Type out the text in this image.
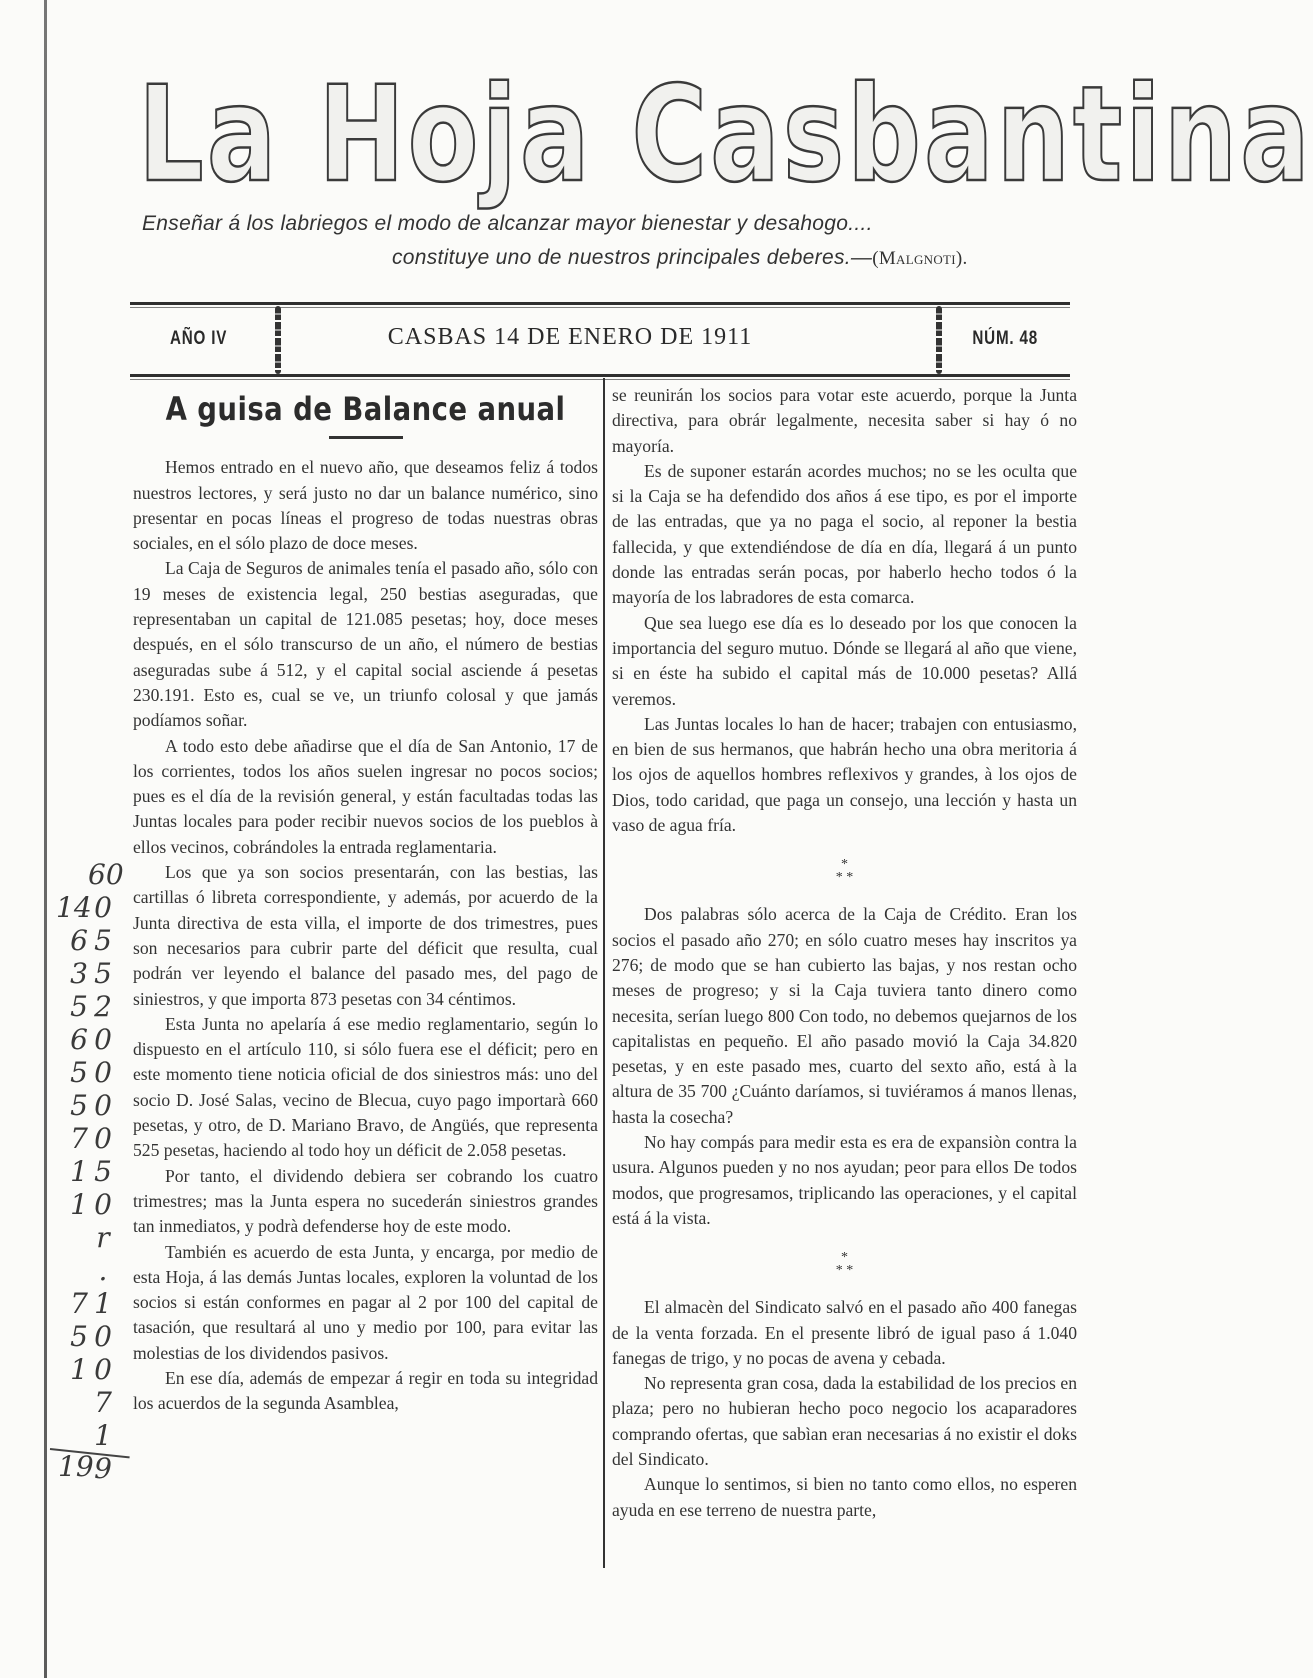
La Hoja Casbantina
Enseñar á los labriegos el modo de alcanzar mayor bienestar y desahogo....
constituye uno de nuestros principales deberes.—(Malgnoti).
AÑO IV	CASBAS 14 DE ENERO DE 1911	NÚM. 48
A guisa de Balance anual

Hemos entrado en el nuevo año, que deseamos feliz á todos nuestros lectores, y será justo no dar un balance numérico, sino presentar en pocas líneas el progreso de todas nuestras obras sociales, en el sólo plazo de doce meses.

La Caja de Seguros de animales tenía el pasado año, sólo con 19 meses de existencia legal, 250 bestias aseguradas, que representaban un capital de 121.085 pesetas; hoy, doce meses después, en el sólo transcurso de un año, el número de bestias aseguradas sube á 512, y el capital social asciende á pesetas 230.191. Esto es, cual se ve, un triunfo colosal y que jamás podíamos soñar.

A todo esto debe añadirse que el día de San Antonio, 17 de los corrientes, todos los años suelen ingresar no pocos socios; pues es el día de la revisión general, y están facultadas todas las Juntas locales para poder recibir nuevos socios de los pueblos à ellos vecinos, cobrándoles la entrada reglamentaria.

Los que ya son socios presentarán, con las bestias, las cartillas ó libreta correspondiente, y además, por acuerdo de la Junta directiva de esta villa, el importe de dos trimestres, pues son necesarios para cubrir parte del déficit que resulta, cual podrán ver leyendo el balance del pasado mes, del pago de siniestros, y que importa 873 pesetas con 34 céntimos.

Esta Junta no apelaría á ese medio reglamentario, según lo dispuesto en el artículo 110, si sólo fuera ese el déficit; pero en este momento tiene noticia oficial de dos siniestros más: uno del socio D. José Salas, vecino de Blecua, cuyo pago importarà 660 pesetas, y otro, de D. Mariano Bravo, de Angüés, que representa 525 pesetas, haciendo al todo hoy un déficit de 2.058 pesetas.

Por tanto, el dividendo debiera ser cobrando los cuatro trimestres; mas la Junta espera no sucederán siniestros grandes tan inmediatos, y podrà defenderse hoy de este modo.

También es acuerdo de esta Junta, y encarga, por medio de esta Hoja, á las demás Juntas locales, exploren la voluntad de los socios si están conformes en pagar al 2 por 100 del capital de tasación, que resultará al uno y medio por 100, para evitar las molestias de los dividendos pasivos.

En ese día, además de empezar á regir en toda su integridad los acuerdos de la segunda Asamblea,

se reunirán los socios para votar este acuerdo, porque la Junta directiva, para obrár legalmente, necesita saber si hay ó no mayoría.

Es de suponer estarán acordes muchos; no se les oculta que si la Caja se ha defendido dos años á ese tipo, es por el importe de las entradas, que ya no paga el socio, al reponer la bestia fallecida, y que extendiéndose de día en día, llegará á un punto donde las entradas serán pocas, por haberlo hecho todos ó la mayoría de los labradores de esta comarca.

Que sea luego ese día es lo deseado por los que conocen la importancia del seguro mutuo. Dónde se llegará al año que viene, si en éste ha subido el capital más de 10.000 pesetas? Allá veremos.

Las Juntas locales lo han de hacer; trabajen con entusiasmo, en bien de sus hermanos, que habrán hecho una obra meritoria á los ojos de aquellos hombres reflexivos y grandes, à los ojos de Dios, todo caridad, que paga un consejo, una lección y hasta un vaso de agua fría.

*
* *

Dos palabras sólo acerca de la Caja de Crédito. Eran los socios el pasado año 270; en sólo cuatro meses hay inscritos ya 276; de modo que se han cubierto las bajas, y nos restan ocho meses de progreso; y si la Caja tuviera tanto dinero como necesita, serían luego 800 Con todo, no debemos quejarnos de los capitalistas en pequeño. El año pasado movió la Caja 34.820 pesetas, y en este pasado mes, cuarto del sexto año, está à la altura de 35 700 ¿Cuánto daríamos, si tuviéramos á manos llenas, hasta la cosecha?

No hay compás para medir esta es era de expansiòn contra la usura. Algunos pueden y no nos ayudan; peor para ellos De todos modos, que progresamos, triplicando las operaciones, y el capital está á la vista.

*
* *

El almacèn del Sindicato salvó en el pasado año 400 fanegas de la venta forzada. En el presente libró de igual paso á 1.040 fanegas de trigo, y no pocas de avena y cebada.

No representa gran cosa, dada la estabilidad de los precios en plaza; pero no hubieran hecho poco negocio los acaparadores comprando ofertas, que sabìan eran necesarias á no existir el doks del Sindicato.

Aunque lo sentimos, si bien no tanto como ellos, no esperen ayuda en ese terreno de nuestra parte,

60
140
6 5
3 5
5 2
6 0
5 0
5 0
7 0
1 5
1 0
r
.
7 1
5 0
1 0
7
1
9
19
